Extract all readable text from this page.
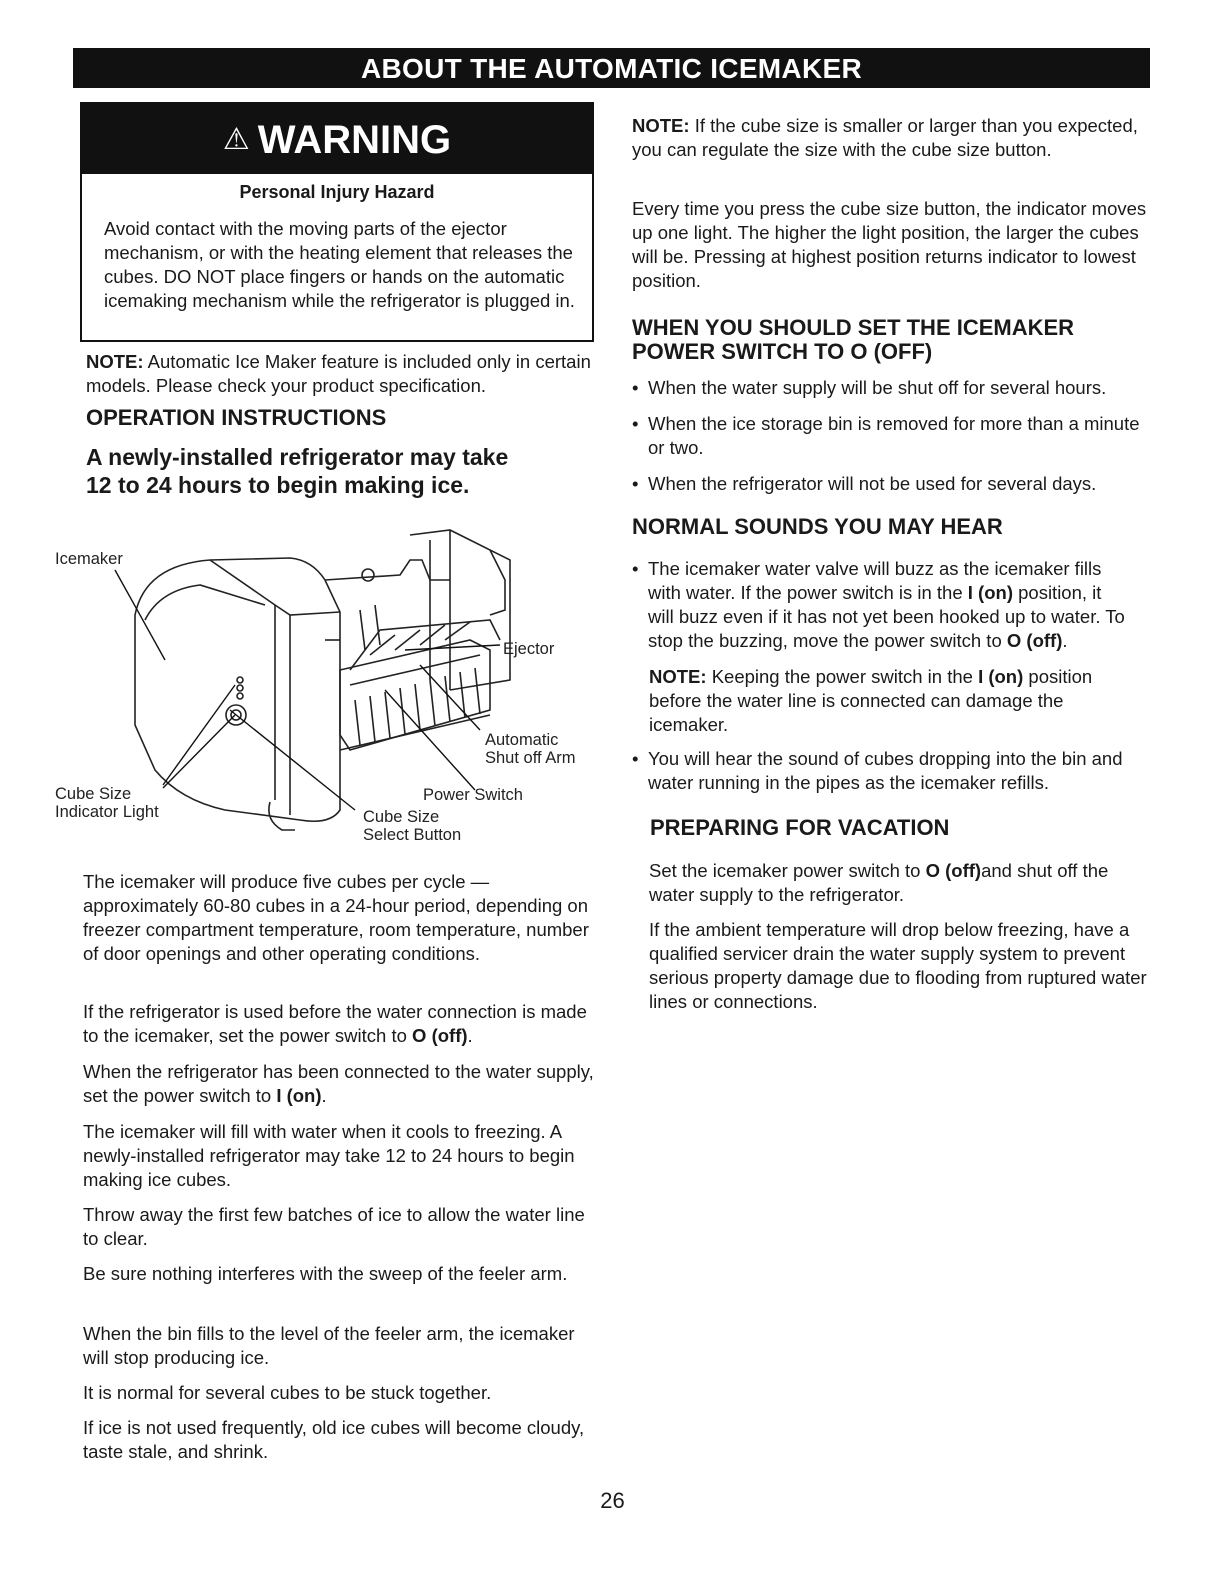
ABOUT THE AUTOMATIC ICEMAKER
⚠ WARNING
Personal Injury Hazard
Avoid contact with the moving parts of the ejector mechanism, or with the heating element that releases the cubes. DO NOT place fingers or hands on the automatic icemaking mechanism while the refrigerator is plugged in.

NOTE: Automatic Ice Maker feature is included only in certain models. Please check your product specification.

OPERATION INSTRUCTIONS
A newly-installed refrigerator may take
12 to 24 hours to begin making ice.
Icemaker
Ejector
Automatic
Shut off Arm
Power Switch
Cube Size
Indicator Light	Cube Size
Select Button

The icemaker will produce five cubes per cycle — approximately 60-80 cubes in a 24-hour period, depending on freezer compartment temperature, room temperature, number of door openings and other operating conditions.

If the refrigerator is used before the water connection is made to the icemaker, set the power switch to O (off).

When the refrigerator has been connected to the water supply, set the power switch to I (on).

The icemaker will fill with water when it cools to freezing. A newly-installed refrigerator may take 12 to 24 hours to begin making ice cubes.

Throw away the first few batches of ice to allow the water line to clear.

Be sure nothing interferes with the sweep of the feeler arm.

When the bin fills to the level of the feeler arm, the icemaker will stop producing ice.

It is normal for several cubes to be stuck together.

If ice is not used frequently, old ice cubes will become cloudy, taste stale, and shrink.

NOTE: If the cube size is smaller or larger than you expected, you can regulate the size with the cube size button.

Every time you press the cube size button, the indicator moves up one light. The higher the light position, the larger the cubes will be. Pressing at highest position returns indicator to lowest position.

WHEN YOU SHOULD SET THE ICEMAKER
POWER SWITCH TO O (OFF)
• When the water supply will be shut off for several hours.
• When the ice storage bin is removed for more than a minute or two.
• When the refrigerator will not be used for several days.
NORMAL SOUNDS YOU MAY HEAR
• The icemaker water valve will buzz as the icemaker fills with water. If the power switch is in the I (on) position, it will buzz even if it has not yet been hooked up to water. To stop the buzzing, move the power switch to O (off).

NOTE: Keeping the power switch in the I (on) position before the water line is connected can damage the icemaker.

• You will hear the sound of cubes dropping into the bin and water running in the pipes as the icemaker refills.
PREPARING FOR VACATION

Set the icemaker power switch to O (off)and shut off the water supply to the refrigerator.

If the ambient temperature will drop below freezing, have a qualified servicer drain the water supply system to prevent serious property damage due to flooding from ruptured water lines or connections.

26
